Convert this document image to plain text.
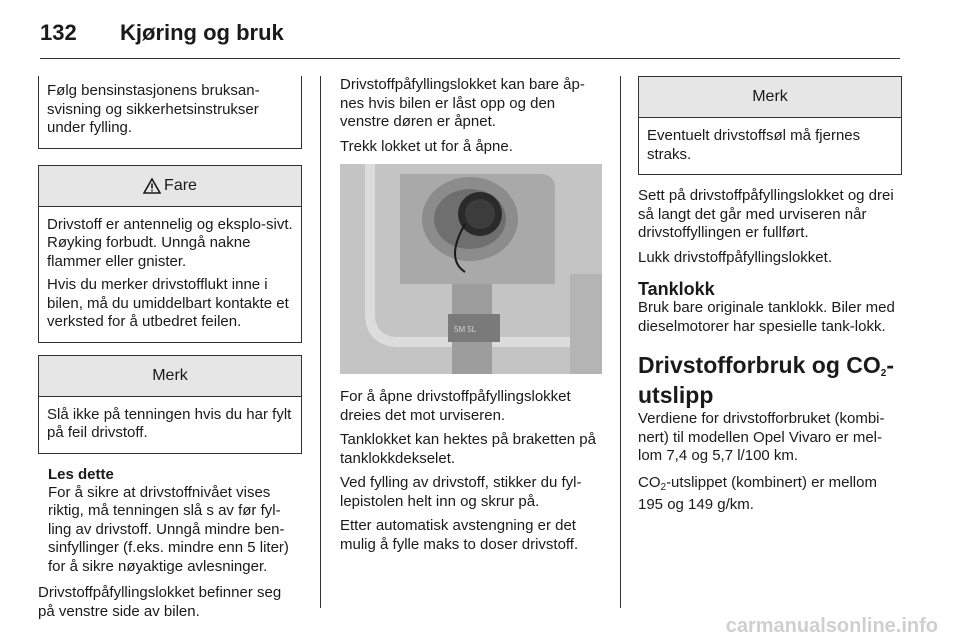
132 Kjøring og bruk

Følg bensinstasjonens bruksan-svisning og sikkerhetsinstrukser under fylling.

Fare

Drivstoff er antennelig og eksplo-sivt. Røyking forbudt. Unngå nakne flammer eller gnister.

Hvis du merker drivstofflukt inne i bilen, må du umiddelbart kontakte et verksted for å utbedret feilen.

Merk

Slå ikke på tenningen hvis du har fylt på feil drivstoff.

Les dette

For å sikre at drivstoffnivået vises riktig, må tenningen slå s av før fyl-ling av drivstoff. Unngå mindre ben-sinfyllinger (f.eks. mindre enn 5 liter) for å sikre nøyaktige avlesninger.

Drivstoffpåfyllingslokket befinner seg på venstre side av bilen.

Drivstoffpåfyllingslokket kan bare åp-nes hvis bilen er låst opp og den venstre døren er åpnet.

Trekk lokket ut for å åpne.

5M 5L

For å åpne drivstoffpåfyllingslokket dreies det mot urviseren.

Tanklokket kan hektes på braketten på tanklokkdekselet.

Ved fylling av drivstoff, stikker du fyl-lepistolen helt inn og skrur på.

Etter automatisk avstengning er det mulig å fylle maks to doser drivstoff.

Merk

Eventuelt drivstoffsøl må fjernes straks.

Sett på drivstoffpåfyllingslokket og drei så langt det går med urviseren når drivstoffyllingen er fullført.

Lukk drivstoffpåfyllingslokket.

Tanklokk

Bruk bare originale tanklokk. Biler med dieselmotorer har spesielle tank-lokk.

Drivstofforbruk og $CO_2-$

utslipp

Verdiene for drivstofforbruket (kombi-nert) til modellen Opel Vivaro er mel-lom 7,4 og 5,7 l/100 km.

$CO_2$-utslippet (kombinert) er mellom 195 og 149 g/km.

carmanualsonline.info
